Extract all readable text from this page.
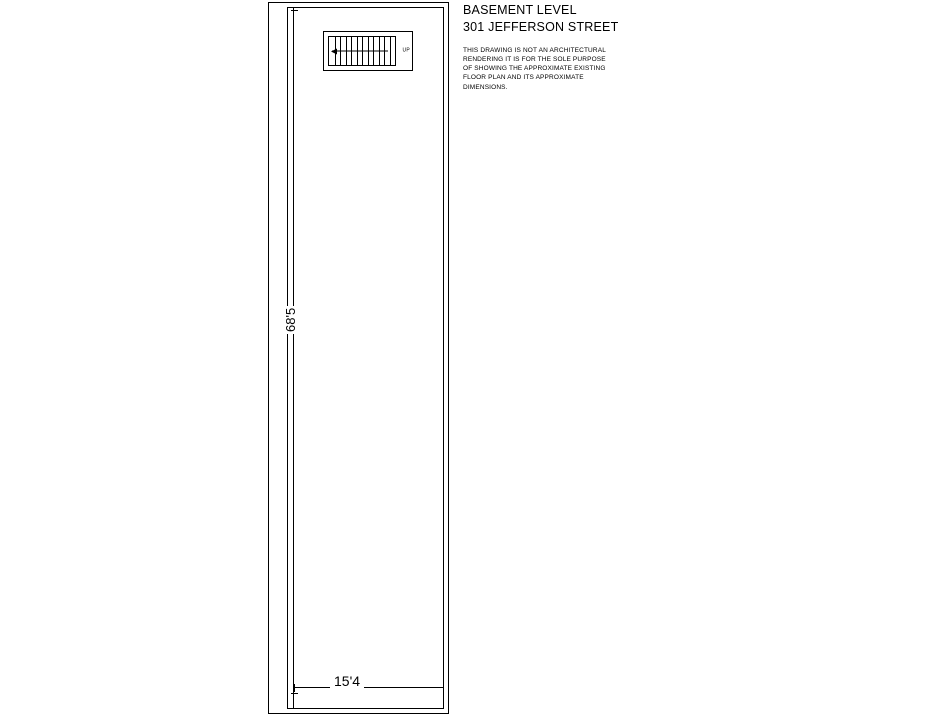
UP
68'5
15'4
BASEMENT LEVEL
301 JEFFERSON STREET
THIS DRAWING IS NOT AN ARCHITECTURAL
RENDERING IT IS FOR THE SOLE PURPOSE
OF SHOWING THE APPROXIMATE EXISTING
FLOOR PLAN AND ITS APPROXIMATE
DIMENSIONS.
